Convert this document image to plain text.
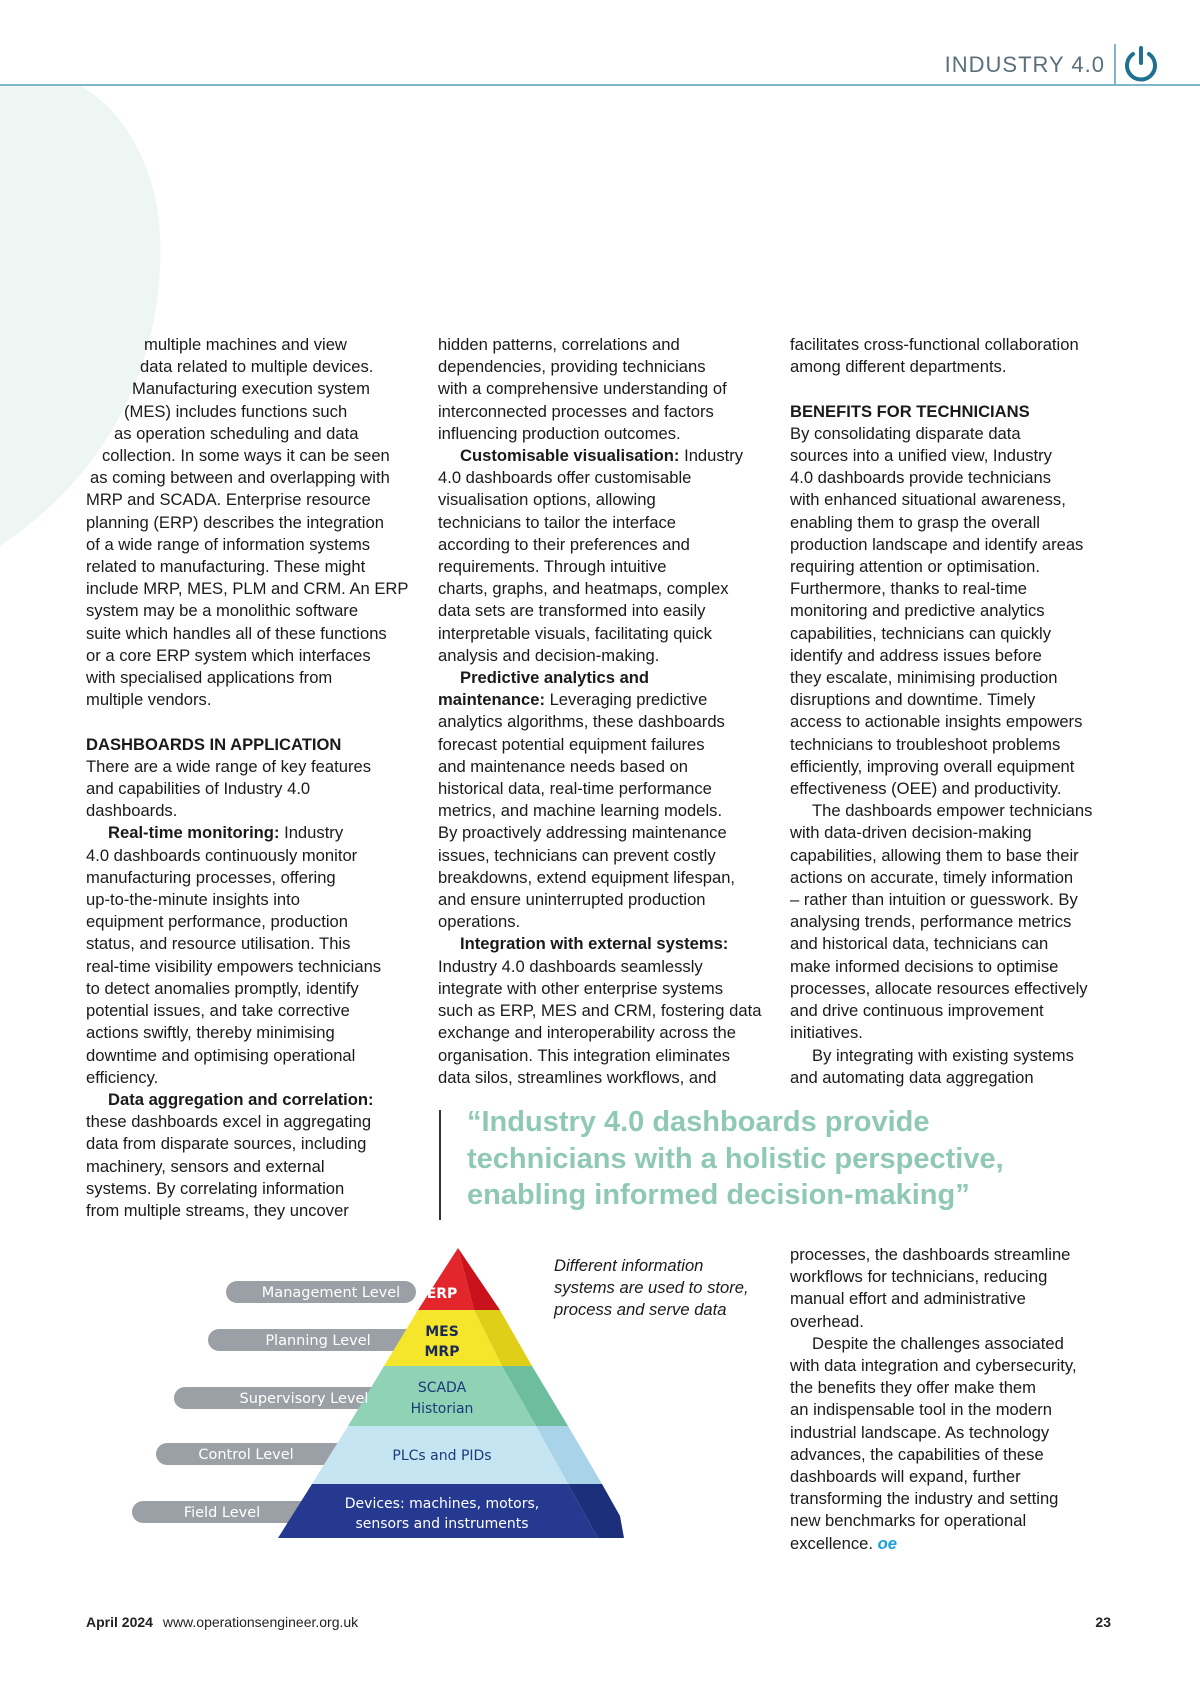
INDUSTRY 4.0
multiple machines and view
data related to multiple devices.
Manufacturing execution system
(MES) includes functions such
as operation scheduling and data
collection. In some ways it can be seen
as coming between and overlapping with
MRP and SCADA. Enterprise resource
planning (ERP) describes the integration
of a wide range of information systems
related to manufacturing. These might
include MRP, MES, PLM and CRM. An ERP
system may be a monolithic software
suite which handles all of these functions
or a core ERP system which interfaces
with specialised applications from
multiple vendors.

DASHBOARDS IN APPLICATION
There are a wide range of key features
and capabilities of Industry 4.0
dashboards.
Real-time monitoring: Industry
4.0 dashboards continuously monitor
manufacturing processes, offering
up-to-the-minute insights into
equipment performance, production
status, and resource utilisation. This
real-time visibility empowers technicians
to detect anomalies promptly, identify
potential issues, and take corrective
actions swiftly, thereby minimising
downtime and optimising operational
efficiency.
Data aggregation and correlation:
these dashboards excel in aggregating
data from disparate sources, including
machinery, sensors and external
systems. By correlating information
from multiple streams, they uncover
hidden patterns, correlations and
dependencies, providing technicians
with a comprehensive understanding of
interconnected processes and factors
influencing production outcomes.
Customisable visualisation: Industry
4.0 dashboards offer customisable
visualisation options, allowing
technicians to tailor the interface
according to their preferences and
requirements. Through intuitive
charts, graphs, and heatmaps, complex
data sets are transformed into easily
interpretable visuals, facilitating quick
analysis and decision-making.
Predictive analytics and
maintenance: Leveraging predictive
analytics algorithms, these dashboards
forecast potential equipment failures
and maintenance needs based on
historical data, real-time performance
metrics, and machine learning models.
By proactively addressing maintenance
issues, technicians can prevent costly
breakdowns, extend equipment lifespan,
and ensure uninterrupted production
operations.
Integration with external systems:
Industry 4.0 dashboards seamlessly
integrate with other enterprise systems
such as ERP, MES and CRM, fostering data
exchange and interoperability across the
organisation. This integration eliminates
data silos, streamlines workflows, and
facilitates cross-functional collaboration
among different departments.

BENEFITS FOR TECHNICIANS
By consolidating disparate data
sources into a unified view, Industry
4.0 dashboards provide technicians
with enhanced situational awareness,
enabling them to grasp the overall
production landscape and identify areas
requiring attention or optimisation.
Furthermore, thanks to real-time
monitoring and predictive analytics
capabilities, technicians can quickly
identify and address issues before
they escalate, minimising production
disruptions and downtime. Timely
access to actionable insights empowers
technicians to troubleshoot problems
efficiently, improving overall equipment
effectiveness (OEE) and productivity.
The dashboards empower technicians
with data-driven decision-making
capabilities, allowing them to base their
actions on accurate, timely information
– rather than intuition or guesswork. By
analysing trends, performance metrics
and historical data, technicians can
make informed decisions to optimise
processes, allocate resources effectively
and drive continuous improvement
initiatives.
By integrating with existing systems
and automating data aggregation
processes, the dashboards streamline
workflows for technicians, reducing
manual effort and administrative
overhead.
Despite the challenges associated
with data integration and cybersecurity,
the benefits they offer make them
an indispensable tool in the modern
industrial landscape. As technology
advances, the capabilities of these
dashboards will expand, further
transforming the industry and setting
new benchmarks for operational
excellence. oe
“Industry 4.0 dashboards provide
technicians with a holistic perspective,
enabling informed decision-making”
Different information systems are used to store, process and serve data
Management Level
Planning Level
Supervisory Level
Control Level
Field Level
ERP
MES
MRP
SCADA
Historian
PLCs and PIDs
Devices: machines, motors,
sensors and instruments
April 2024 www.operationsengineer.org.uk	23
